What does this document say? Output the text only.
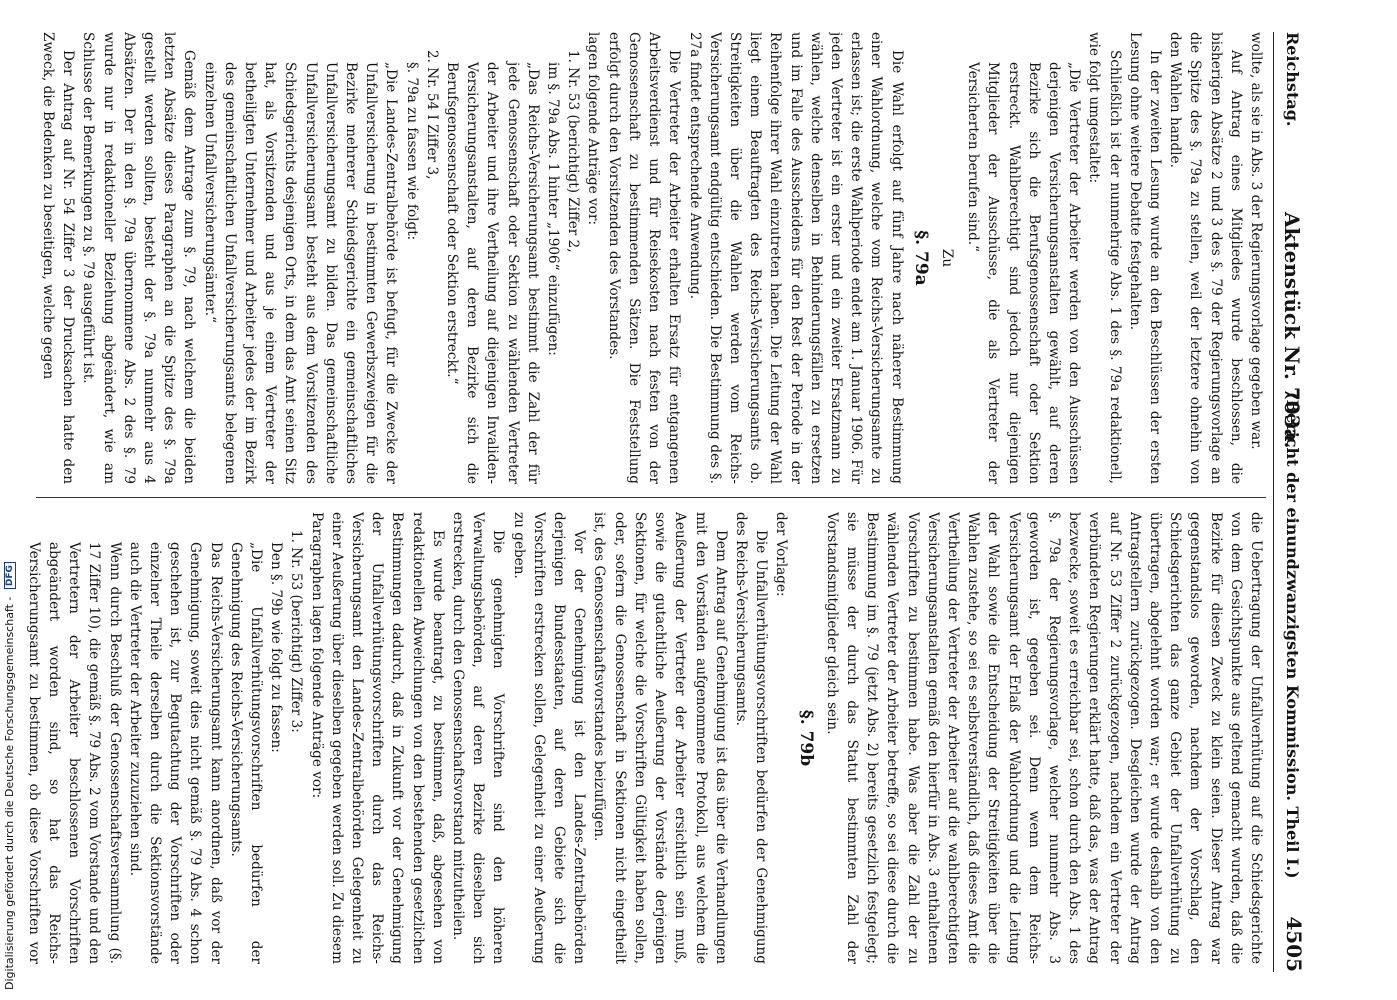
Reichstag.
Aktenstück Nr. 703a.
(Bericht der einundzwanzigsten Kommission. Theil I.)
4505

wollte, als sie in Abs. 3 der Regierungsvorlage gegeben war.

Auf Antrag eines Mitgliedes wurde beschlossen, die bisherigen Absätze 2 und 3 des §. 79 der Regierungsvorlage an die Spitze des §. 79a zu stellen, weil der letztere ohnehin von den Wahlen handle.

In der zweiten Lesung wurde an den Beschlüssen der ersten Lesung ohne weitere Debatte festgehalten.

Schließlich ist der nunmehrige Abs. 1 des §. 79a redaktionell, wie folgt umgestaltet:

„Die Vertreter der Arbeiter werden von den Ausschüssen derjenigen Versicherungsanstalten gewählt, auf deren Bezirke sich die Berufsgenossenschaft oder Sektion erstreckt. Wahlberechtigt sind jedoch nur diejenigen Mitglieder der Ausschüsse, die als Vertreter der Versicherten berufen sind.“

Zu

§. 79a

Die Wahl erfolgt auf fünf Jahre nach näherer Bestimmung einer Wahlordnung, welche vom Reichs-Versicherungsamte zu erlassen ist; die erste Wahlperiode endet am 1. Januar 1906. Für jeden Vertreter ist ein erster und ein zweiter Ersatzmann zu wählen, welche denselben in Behinderungsfällen zu ersetzen und im Falle des Ausscheidens für den Rest der Periode in der Reihenfolge ihrer Wahl einzutreten haben. Die Leitung der Wahl liegt einem Beauftragten des Reichs-Versicherungsamts ob. Streitigkeiten über die Wahlen werden vom Reichs-Versicherungsamt endgültig entschieden. Die Bestimmung des §. 27a findet entsprechende Anwendung.

Die Vertreter der Arbeiter erhalten Ersatz für entgangenen Arbeitsverdienst und für Reisekosten nach festen von der Genossenschaft zu bestimmenden Sätzen. Die Feststellung erfolgt durch den Vorsitzenden des Vorstandes.

lagen folgende Anträge vor:

1. Nr. 53 (berichtigt) Ziffer 2,

im §. 79a Abs. 1 hinter „1906“ einzufügen:

„Das Reichs-Versicherungsamt bestimmt die Zahl der für jede Genossenschaft oder Sektion zu wählenden Vertreter der Arbeiter und ihre Vertheilung auf diejenigen Invaliden-Versicherungsanstalten, auf deren Bezirke sich die Berufsgenossenschaft oder Sektion erstreckt.“

2. Nr. 54 I Ziffer 3,

§. 79a zu fassen wie folgt:

„Die Landes-Zentralbehörde ist befugt, für die Zwecke der Unfallversicherung in bestimmten Gewerbszweigen für die Bezirke mehrerer Schiedsgerichte ein gemeinschaftliches Unfallversicherungsamt zu bilden. Das gemeinschaftliche Unfallversicherungsamt besteht aus dem Vorsitzenden des Schiedsgerichts desjenigen Orts, in dem das Amt seinen Sitz hat, als Vorsitzenden und aus je einem Vertreter der betheiligten Unternehmer und Arbeiter jedes der im Bezirk des gemeinschaftlichen Unfallversicherungsamts belegenen einzelnen Unfallversicherungsämter.“

Gemäß dem Antrage zum §. 79, nach welchem die beiden letzten Absätze dieses Paragraphen an die Spitze des §. 79a gestellt werden sollten, besteht der §. 79a nunmehr aus 4 Absätzen. Der in den §. 79a übernommene Abs. 2 des §. 79 wurde nur in redaktioneller Beziehung abgeändert, wie am Schlusse der Bemerkungen zu §. 79 ausgeführt ist.

Der Antrag auf Nr. 54 Ziffer 3 der Drucksachen hatte den Zweck, die Bedenken zu beseitigen, welche gegen

die Uebertragung der Unfallverhütung auf die Schiedsgerichte von dem Gesichtspunkte aus geltend gemacht wurden, daß die Bezirke für diesen Zweck zu klein seien. Dieser Antrag war gegenstandslos geworden, nachdem der Vorschlag, den Schiedsgerichten das ganze Gebiet der Unfallverhütung zu übertragen, abgelehnt worden war; er wurde deshalb von den Antragstellern zurückgezogen. Desgleichen wurde der Antrag auf Nr. 53 Ziffer 2 zurückgezogen, nachdem ein Vertreter der verbündeten Regierungen erklärt hatte, daß das, was der Antrag bezwecke, soweit es erreichbar sei, schon durch den Abs. 1 des §. 79a der Regierungsvorlage, welcher nunmehr Abs. 3 geworden ist, gegeben sei. Denn wenn dem Reichs-Versicherungsamt der Erlaß der Wahlordnung und die Leitung der Wahl sowie die Entscheidung der Streitigkeiten über die Wahlen zustehe, so sei es selbstverständlich, daß dieses Amt die Vertheilung der Vertreter der Arbeiter auf die wahlberechtigten Versicherungsanstalten gemäß den hierfür in Abs. 3 enthaltenen Vorschriften zu bestimmen habe. Was aber die Zahl der zu wählenden Vertreter der Arbeiter betreffe, so sei diese durch die Bestimmung im §. 79 (jetzt Abs. 2) bereits gesetzlich festgelegt; sie müsse der durch das Statut bestimmten Zahl der Vorstandsmitglieder gleich sein.

§. 79b

der Vorlage:

Die Unfallverhütungsvorschriften bedürfen der Genehmigung des Reichs-Versicherungsamts.

Dem Antrag auf Genehmigung ist das über die Verhandlungen mit den Vorständen aufgenommene Protokoll, aus welchem die Aeußerung der Vertreter der Arbeiter ersichtlich sein muß, sowie die gutachtliche Aeußerung der Vorstände derjenigen Sektionen, für welche die Vorschriften Gültigkeit haben sollen, oder, sofern die Genossenschaft in Sektionen nicht eingetheilt ist, des Genossenschaftsvorstandes beizufügen.

Vor der Genehmigung ist den Landes-Zentralbehörden derjenigen Bundesstaaten, auf deren Gebiete sich die Vorschriften erstrecken sollen, Gelegenheit zu einer Aeußerung zu geben.

Die genehmigten Vorschriften sind den höheren Verwaltungsbehörden, auf deren Bezirke dieselben sich erstrecken, durch den Genossenschaftsvorstand mitzutheilen.

Es wurde beantragt, zu bestimmen, daß, abgesehen von redaktionellen Abweichungen von den bestehenden gesetzlichen Bestimmungen dadurch, daß in Zukunft vor der Genehmigung der Unfallverhütungsvorschriften durch das Reichs-Versicherungsamt den Landes-Zentralbehörden Gelegenheit zu einer Aeußerung über dieselben gegeben werden soll. Zu diesem Paragraphen lagen folgende Anträge vor:

1. Nr. 53 (berichtigt) Ziffer 3:

Den §. 79b wie folgt zu fassen:

„Die Unfallverhütungsvorschriften bedürfen der Genehmigung des Reichs-Versicherungsamts.

Das Reichs-Versicherungsamt kann anordnen, daß vor der Genehmigung, soweit dies nicht gemäß §. 79 Abs. 4 schon geschehen ist, zur Begutachtung der Vorschriften oder einzelner Theile derselben durch die Sektionsvorstände auch die Vertreter der Arbeiter zuzuziehen sind.

Wenn durch Beschluß der Genossenschaftsversammlung (§. 17 Ziffer 10), die gemäß §. 79 Abs. 2 vom Vorstande und den Vertretern der Arbeiter beschlossenen Vorschriften abgeändert worden sind, so hat das Reichs-Versicherungsamt zu bestimmen, ob diese Vorschriften vor

Digitalisierung gefördert durch die Deutsche Forschungsgemeinschaft - DFG
